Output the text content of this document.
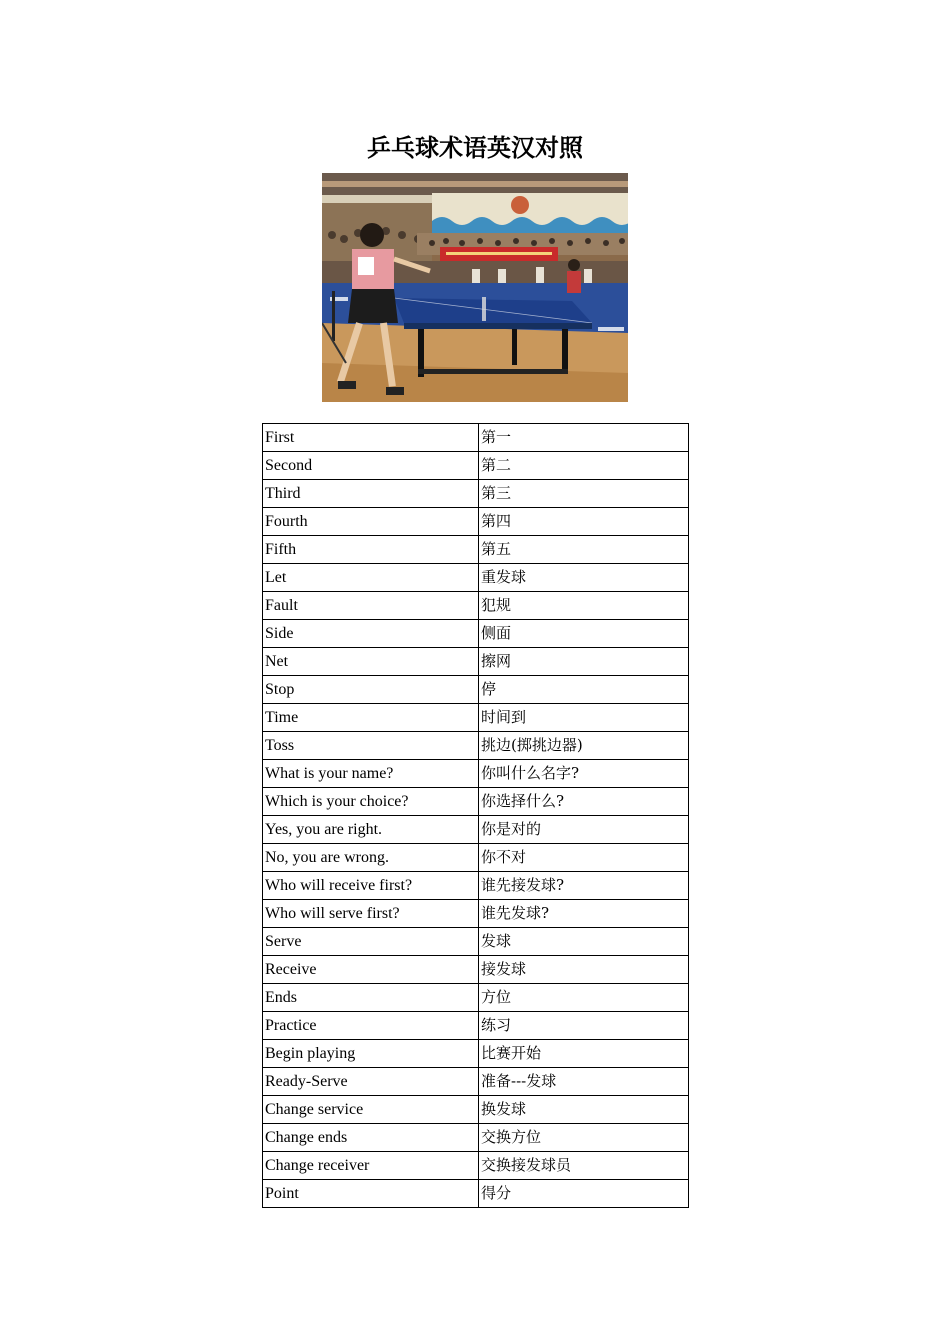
乒乓球术语英汉对照
First	第一
Second	第二
Third	第三
Fourth	第四
Fifth	第五
Let	重发球
Fault	犯规
Side	侧面
Net	擦网
Stop	停
Time	时间到
Toss	挑边(掷挑边器)
What is your name?	你叫什么名字?
Which is your choice?	你选择什么?
Yes, you are right.	你是对的
No, you are wrong.	你不对
Who will receive first?	谁先接发球?
Who will serve first?	谁先发球?
Serve	发球
Receive	接发球
Ends	方位
Practice	练习
Begin playing	比赛开始
Ready-Serve	准备---发球
Change service	换发球
Change ends	交换方位
Change receiver	交换接发球员
Point	得分
